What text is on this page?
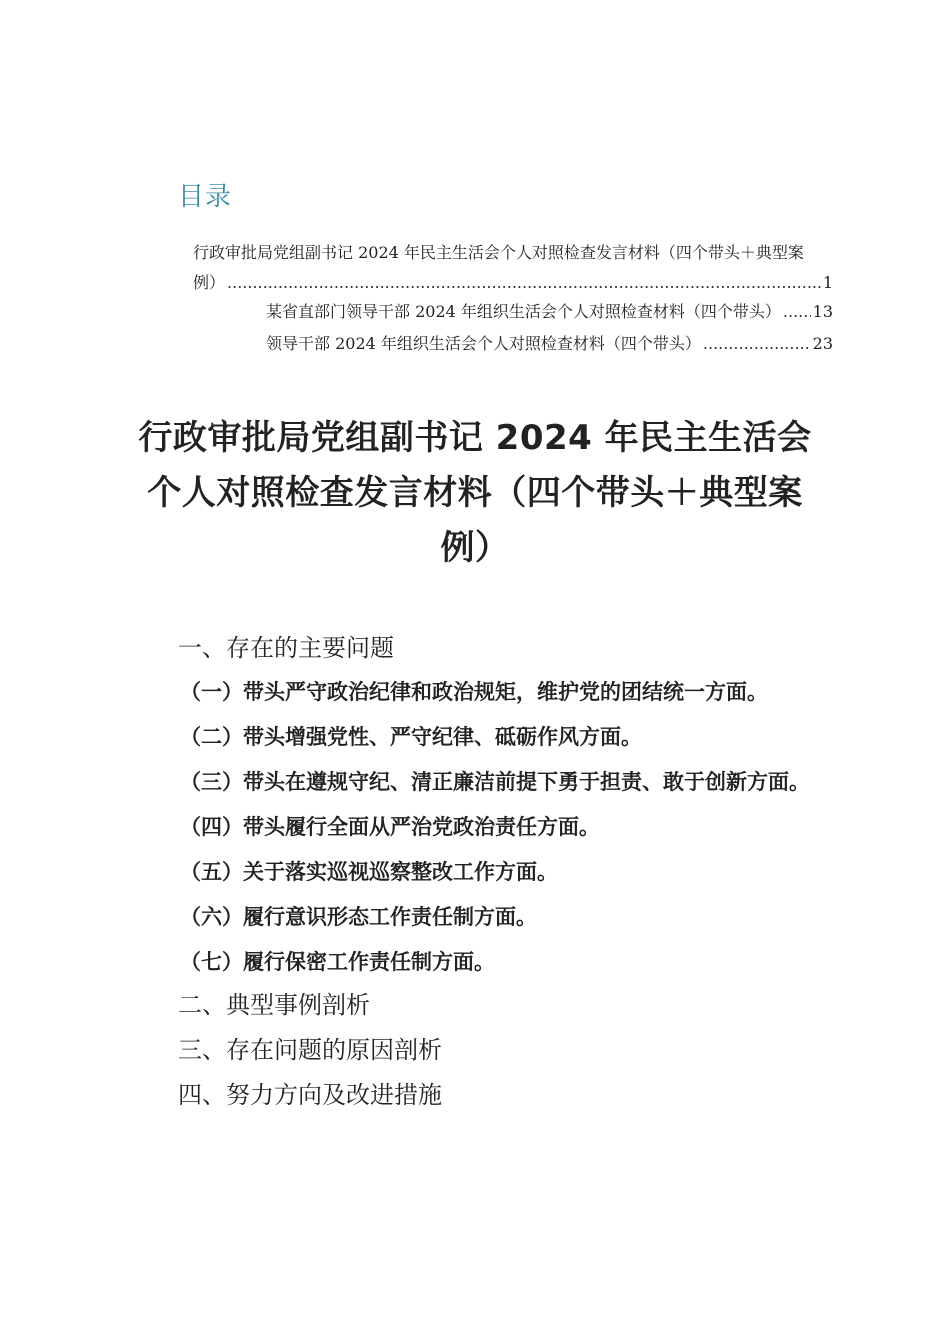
目录
行政审批局党组副书记 2024 年民主生活会个人对照检查发言材料（四个带头＋典型案
例） .....	1
某省直部门领导干部 2024 年组织生活会个人对照检查材料（四个带头） ..... 13
领导干部 2024 年组织生活会个人对照检查材料（四个带头） .....	23
行政审批局党组副书记 2024 年民主生活会
个人对照检查发言材料（四个带头＋典型案
例）
一、存在的主要问题
（一）带头严守政治纪律和政治规矩，维护党的团结统一方面。
（二）带头增强党性、严守纪律、砥砺作风方面。
（三）带头在遵规守纪、清正廉洁前提下勇于担责、敢于创新方面。
（四）带头履行全面从严治党政治责任方面。
（五）关于落实巡视巡察整改工作方面。
（六）履行意识形态工作责任制方面。
（七）履行保密工作责任制方面。
二、典型事例剖析
三、存在问题的原因剖析
四、努力方向及改进措施
